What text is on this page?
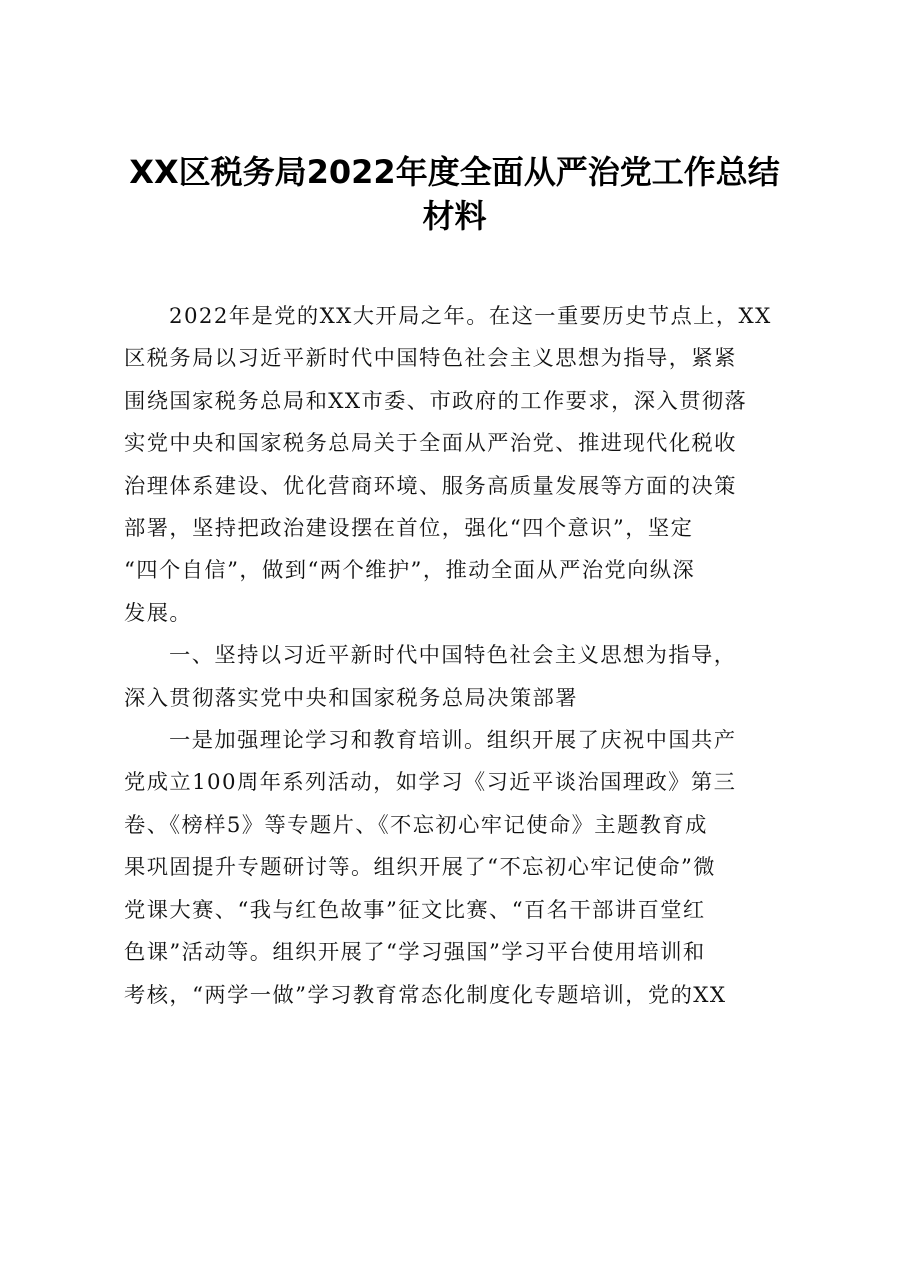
XX区税务局2022年度全面从严治党工作总结
材料
2022年是党的XX大开局之年。在这一重要历史节点上，XX
区税务局以习近平新时代中国特色社会主义思想为指导，紧紧
围绕国家税务总局和XX市委、市政府的工作要求，深入贯彻落
实党中央和国家税务总局关于全面从严治党、推进现代化税收
治理体系建设、优化营商环境、服务高质量发展等方面的决策
部署，坚持把政治建设摆在首位，强化“四个意识”，坚定
“四个自信”，做到“两个维护”，推动全面从严治党向纵深
发展。
一、坚持以习近平新时代中国特色社会主义思想为指导，
深入贯彻落实党中央和国家税务总局决策部署
一是加强理论学习和教育培训。组织开展了庆祝中国共产
党成立100周年系列活动，如学习《习近平谈治国理政》第三
卷、《榜样5》等专题片、《不忘初心牢记使命》主题教育成
果巩固提升专题研讨等。组织开展了“不忘初心牢记使命”微
党课大赛、“我与红色故事”征文比赛、“百名干部讲百堂红
色课”活动等。组织开展了“学习强国”学习平台使用培训和
考核，“两学一做”学习教育常态化制度化专题培训，党的XX
